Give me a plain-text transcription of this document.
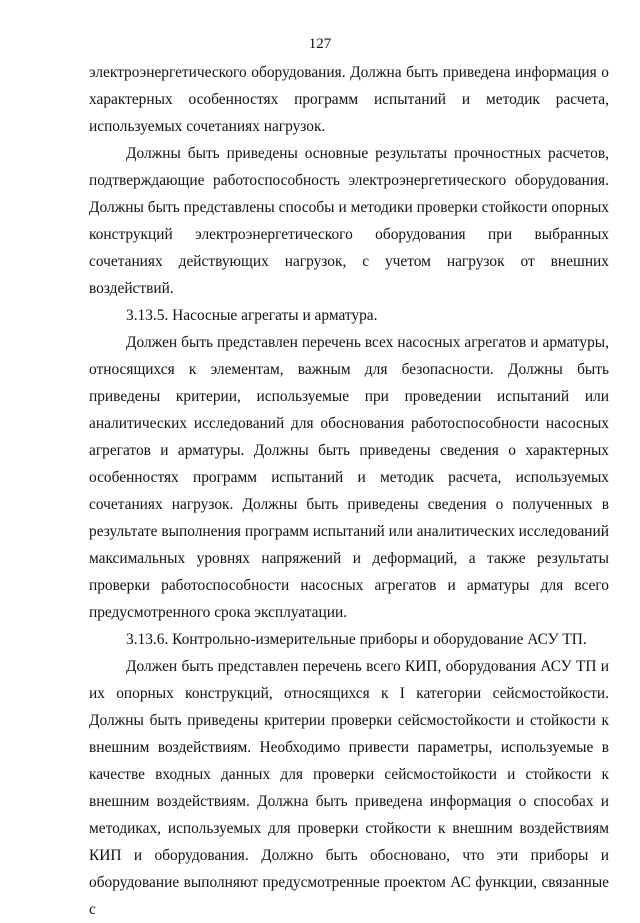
127

электроэнергетического оборудования. Должна быть приведена информация о характерных особенностях программ испытаний и методик расчета, используемых сочетаниях нагрузок.

Должны быть приведены основные результаты прочностных расчетов, подтверждающие работоспособность электроэнергетического оборудования. Должны быть представлены способы и методики проверки стойкости опорных конструкций электроэнергетического оборудования при выбранных сочетаниях действующих нагрузок, с учетом нагрузок от внешних воздействий.

3.13.5. Насосные агрегаты и арматура.

Должен быть представлен перечень всех насосных агрегатов и арматуры, относящихся к элементам, важным для безопасности. Должны быть приведены критерии, используемые при проведении испытаний или аналитических исследований для обоснования работоспособности насосных агрегатов и арматуры. Должны быть приведены сведения о характерных особенностях программ испытаний и методик расчета, используемых сочетаниях нагрузок. Должны быть приведены сведения о полученных в результате выполнения программ испытаний или аналитических исследований максимальных уровнях напряжений и деформаций, а также результаты проверки работоспособности насосных агрегатов и арматуры для всего предусмотренного срока эксплуатации.

3.13.6. Контрольно-измерительные приборы и оборудование АСУ ТП.

Должен быть представлен перечень всего КИП, оборудования АСУ ТП и их опорных конструкций, относящихся к I категории сейсмостойкости. Должны быть приведены критерии проверки сейсмостойкости и стойкости к внешним воздействиям. Необходимо привести параметры, используемые в качестве входных данных для проверки сейсмостойкости и стойкости к внешним воздействиям. Должна быть приведена информация о способах и методиках, используемых для проверки стойкости к внешним воздействиям КИП и оборудования. Должно быть обосновано, что эти приборы и оборудование выполняют предусмотренные проектом АС функции, связанные с
